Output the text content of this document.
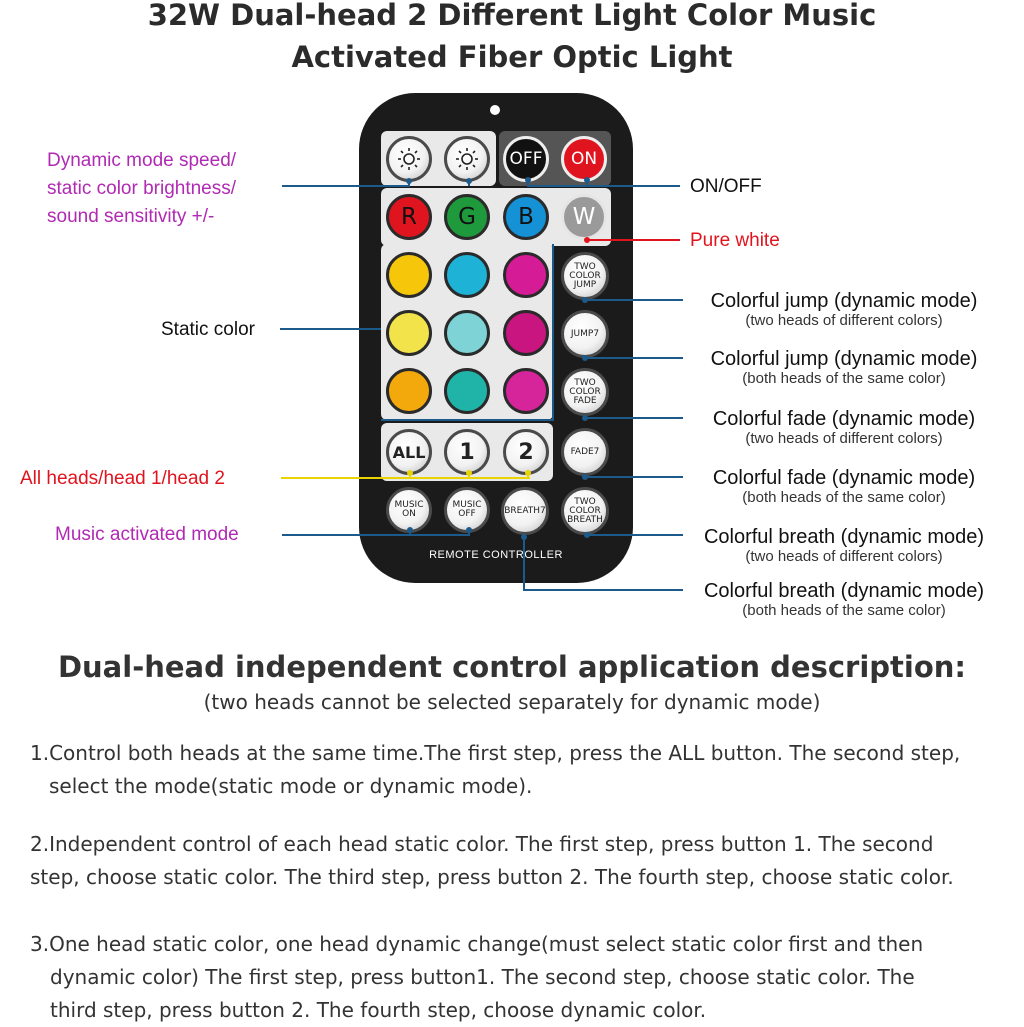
32W Dual-head 2 Different Light Color Music
Activated Fiber Optic Light
OFF	ON
R	G	B	W
TWO COLOR JUMP
JUMP7
TWO COLOR FADE
FADE7
ALL	1	2
MUSIC ON
MUSIC OFF	BREATH7
TWO COLOR BREATH
REMOTE CONTROLLER
Dynamic mode speed/
static color brightness/
sound sensitivity +/-
Static color
All heads/head 1/head 2
Music activated mode
ON/OFF
Pure white
Colorful jump (dynamic mode)
(two heads of different colors)
Colorful jump (dynamic mode)
(both heads of the same color)
Colorful fade (dynamic mode)
(two heads of different colors)
Colorful fade (dynamic mode)
(both heads of the same color)
Colorful breath (dynamic mode)
(two heads of different colors)
Colorful breath (dynamic mode)
(both heads of the same color)
Dual-head independent control application description:
(two heads cannot be selected separately for dynamic mode)
1.Control both heads at the same time.The first step, press the ALL button. The second step,
select the mode(static mode or dynamic mode).
2.Independent control of each head static color. The first step, press button 1. The second
step, choose static color. The third step, press button 2. The fourth step, choose static color.
3.One head static color, one head dynamic change(must select static color first and then
dynamic color) The first step, press button1. The second step, choose static color. The
third step, press button 2. The fourth step, choose dynamic color.
